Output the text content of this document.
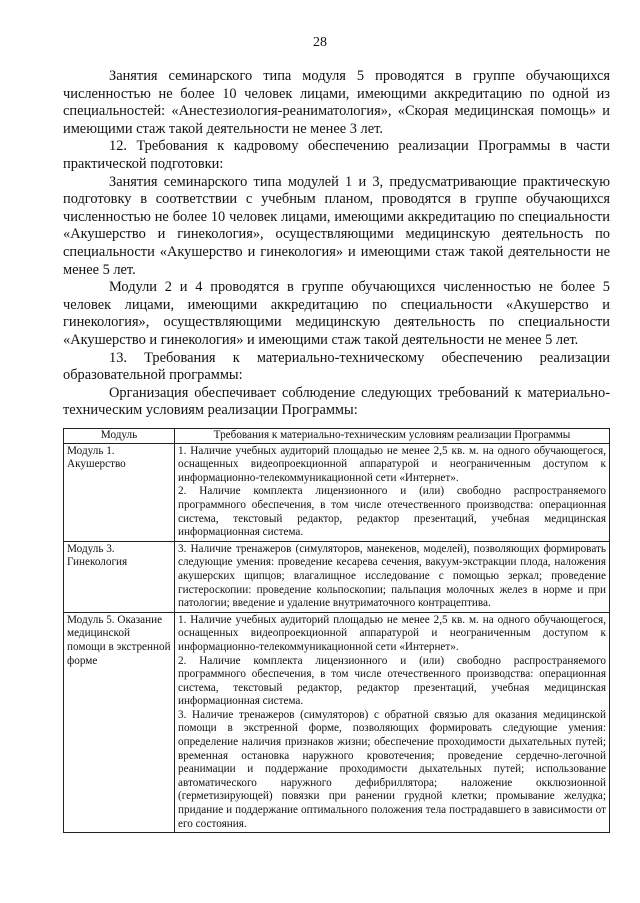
28

Занятия семинарского типа модуля 5 проводятся в группе обучающихся численностью не более 10 человек лицами, имеющими аккредитацию по одной из специальностей: «Анестезиология-реаниматология», «Скорая медицинская помощь» и имеющими стаж такой деятельности не менее 3 лет.

12. Требования к кадровому обеспечению реализации Программы в части практической подготовки:

Занятия семинарского типа модулей 1 и 3, предусматривающие практическую подготовку в соответствии с учебным планом, проводятся в группе обучающихся численностью не более 10 человек лицами, имеющими аккредитацию по специальности «Акушерство и гинекология», осуществляющими медицинскую деятельность по специальности «Акушерство и гинекология» и имеющими стаж такой деятельности не менее 5 лет.

Модули 2 и 4 проводятся в группе обучающихся численностью не более 5 человек лицами, имеющими аккредитацию по специальности «Акушерство и гинекология», осуществляющими медицинскую деятельность по специальности «Акушерство и гинекология» и имеющими стаж такой деятельности не менее 5 лет.

13. Требования к материально-техническому обеспечению реализации образовательной программы:

Организация обеспечивает соблюдение следующих требований к материально-техническим условиям реализации Программы:

Модуль	Требования к материально-техническим условиям реализации Программы
Модуль 1. Акушерство	1. Наличие учебных аудиторий площадью не менее 2,5 кв. м. на одного обучающегося, оснащенных видеопроекционной аппаратурой и неограниченным доступом к информационно-телекоммуникационной сети «Интернет».

2. Наличие комплекта лицензионного и (или) свободно распространяемого программного обеспечения, в том числе отечественного производства: операционная система, текстовый редактор, редактор презентаций, учебная медицинская информационная система.

Модуль 3. Гинекология	3. Наличие тренажеров (симуляторов, манекенов, моделей), позволяющих формировать следующие умения: проведение кесарева сечения, вакуум-экстракции плода, наложения акушерских щипцов; влагалищное исследование с помощью зеркал; проведение гистероскопии: проведение кольпоскопии; пальпация молочных желез в норме и при патологии; введение и удаление внутриматочного контрацептива.

Модуль 5. Оказание медицинской помощи в экстренной форме	1. Наличие учебных аудиторий площадью не менее 2,5 кв. м. на одного обучающегося, оснащенных видеопроекционной аппаратурой и неограниченным доступом к информационно-телекоммуникационной сети «Интернет».

2. Наличие комплекта лицензионного и (или) свободно распространяемого программного обеспечения, в том числе отечественного производства: операционная система, текстовый редактор, редактор презентаций, учебная медицинская информационная система.

3. Наличие тренажеров (симуляторов) с обратной связью для оказания медицинской помощи в экстренной форме, позволяющих формировать следующие умения: определение наличия признаков жизни; обеспечение проходимости дыхательных путей; временная остановка наружного кровотечения; проведение сердечно-легочной реанимации и поддержание проходимости дыхательных путей; использование автоматического наружного дефибриллятора; наложение окклюзионной (герметизирующей) повязки при ранении грудной клетки; промывание желудка; придание и поддержание оптимального положения тела пострадавшего в зависимости от его состояния.
